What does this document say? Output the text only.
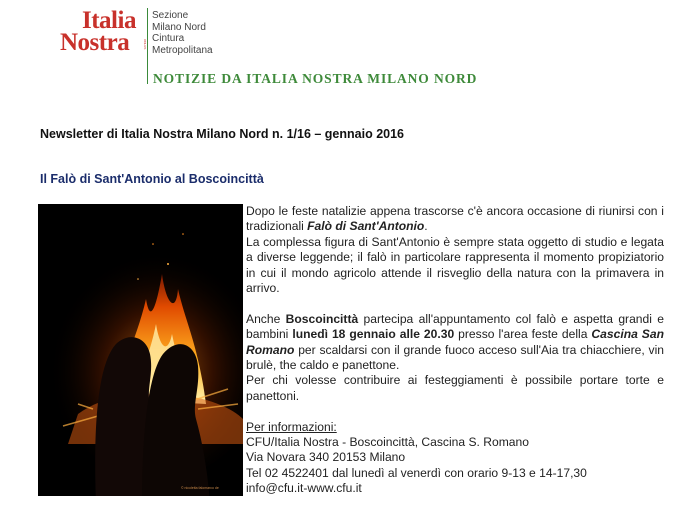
Italia
Nostra	ONLUS
Sezione
Milano Nord
Cintura
Metropolitana
NOTIZIE DA ITALIA NOSTRA MILANO NORD
Newsletter di Italia Nostra Milano Nord n. 1/16 – gennaio 2016
Il Falò di Sant'Antonio al Boscoincittà
© nicoletta falomarco de

Dopo le feste natalizie appena trascorse c'è ancora occasione di riunirsi con i tradizionali Falò di Sant'Antonio.

La complessa figura di Sant'Antonio è sempre stata oggetto di studio e legata a diverse leggende; il falò in particolare rappresenta il momento propiziatorio in cui il mondo agricolo attende il risveglio della natura con la primavera in arrivo.

Anche Boscoincittà partecipa all'appuntamento col falò e aspetta grandi e bambini lunedì 18 gennaio alle 20.30 presso l'area feste della Cascina San Romano per scaldarsi con il grande fuoco acceso sull'Aia tra chiacchiere, vin brulè, the caldo e panettone.

Per chi volesse contribuire ai festeggiamenti è possibile portare torte e panettoni.

Per informazioni:

CFU/Italia Nostra - Boscoincittà, Cascina S. Romano

Via Novara 340 20153 Milano

Tel 02 4522401 dal lunedì al venerdì con orario 9-13 e 14-17,30

info@cfu.it-www.cfu.it
